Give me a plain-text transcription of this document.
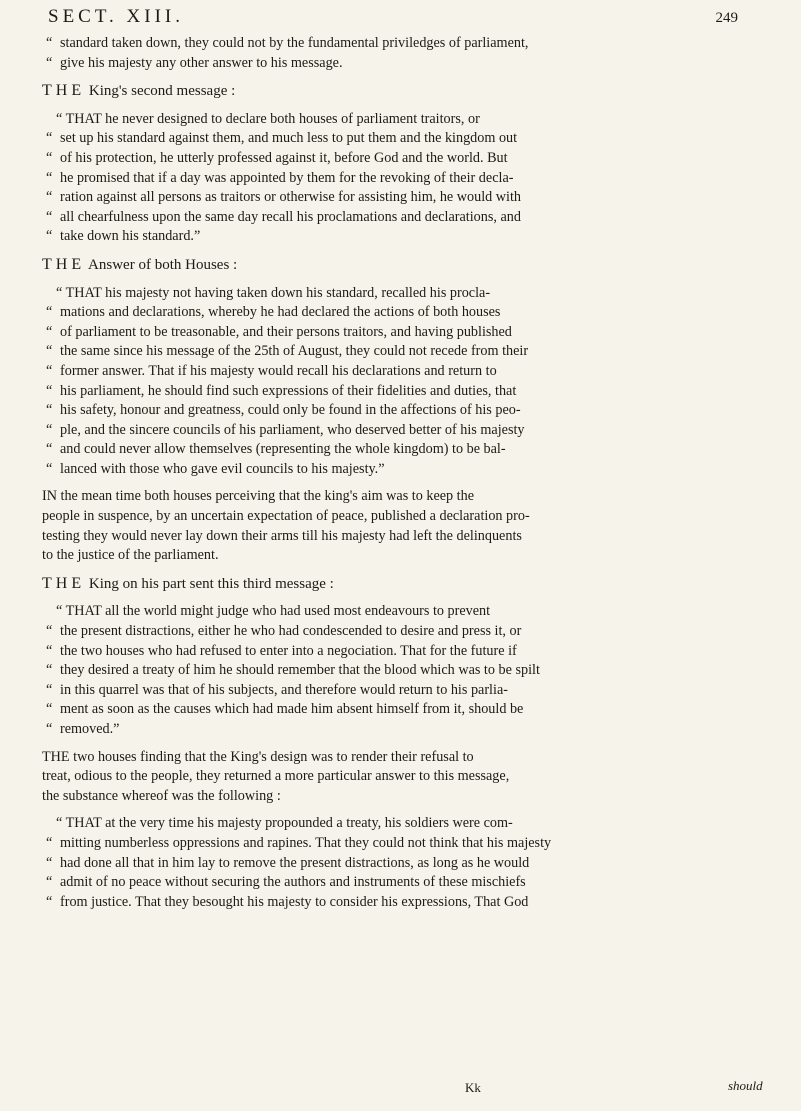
SECT. XIII.	249
“ standard taken down, they could not by the fundamental priviledges of parliament,
“ give his majesty any other answer to his message.
THE King's second message :
“ THAT he never designed to declare both houses of parliament traitors, or
“ set up his standard against them, and much less to put them and the kingdom out
“ of his protection, he utterly professed against it, before God and the world. But
“ he promised that if a day was appointed by them for the revoking of their decla-
“ ration against all persons as traitors or otherwise for assisting him, he would with
“ all chearfulness upon the same day recall his proclamations and declarations, and
“ take down his standard.”
THE Answer of both Houses :
“ THAT his majesty not having taken down his standard, recalled his procla-
“ mations and declarations, whereby he had declared the actions of both houses
“ of parliament to be treasonable, and their persons traitors, and having published
“ the same since his message of the 25th of August, they could not recede from their
“ former answer. That if his majesty would recall his declarations and return to
“ his parliament, he should find such expressions of their fidelities and duties, that
“ his safety, honour and greatness, could only be found in the affections of his peo-
“ ple, and the sincere councils of his parliament, who deserved better of his majesty
“ and could never allow themselves (representing the whole kingdom) to be bal-
“ lanced with those who gave evil councils to his majesty.”
IN the mean time both houses perceiving that the king's aim was to keep the
people in suspence, by an uncertain expectation of peace, published a declaration pro-
testing they would never lay down their arms till his majesty had left the delinquents
to the justice of the parliament.
THE King on his part sent this third message :
“ THAT all the world might judge who had used most endeavours to prevent
“ the present distractions, either he who had condescended to desire and press it, or
“ the two houses who had refused to enter into a negociation. That for the future if
“ they desired a treaty of him he should remember that the blood which was to be spilt
“ in this quarrel was that of his subjects, and therefore would return to his parlia-
“ ment as soon as the causes which had made him absent himself from it, should be
“ removed.”
THE two houses finding that the King's design was to render their refusal to
treat, odious to the people, they returned a more particular answer to this message,
the substance whereof was the following :
“ THAT at the very time his majesty propounded a treaty, his soldiers were com-
“ mitting numberless oppressions and rapines. That they could not think that his majesty
“ had done all that in him lay to remove the present distractions, as long as he would
“ admit of no peace without securing the authors and instruments of these mischiefs
“ from justice. That they besought his majesty to consider his expressions, That God
Kk	should
